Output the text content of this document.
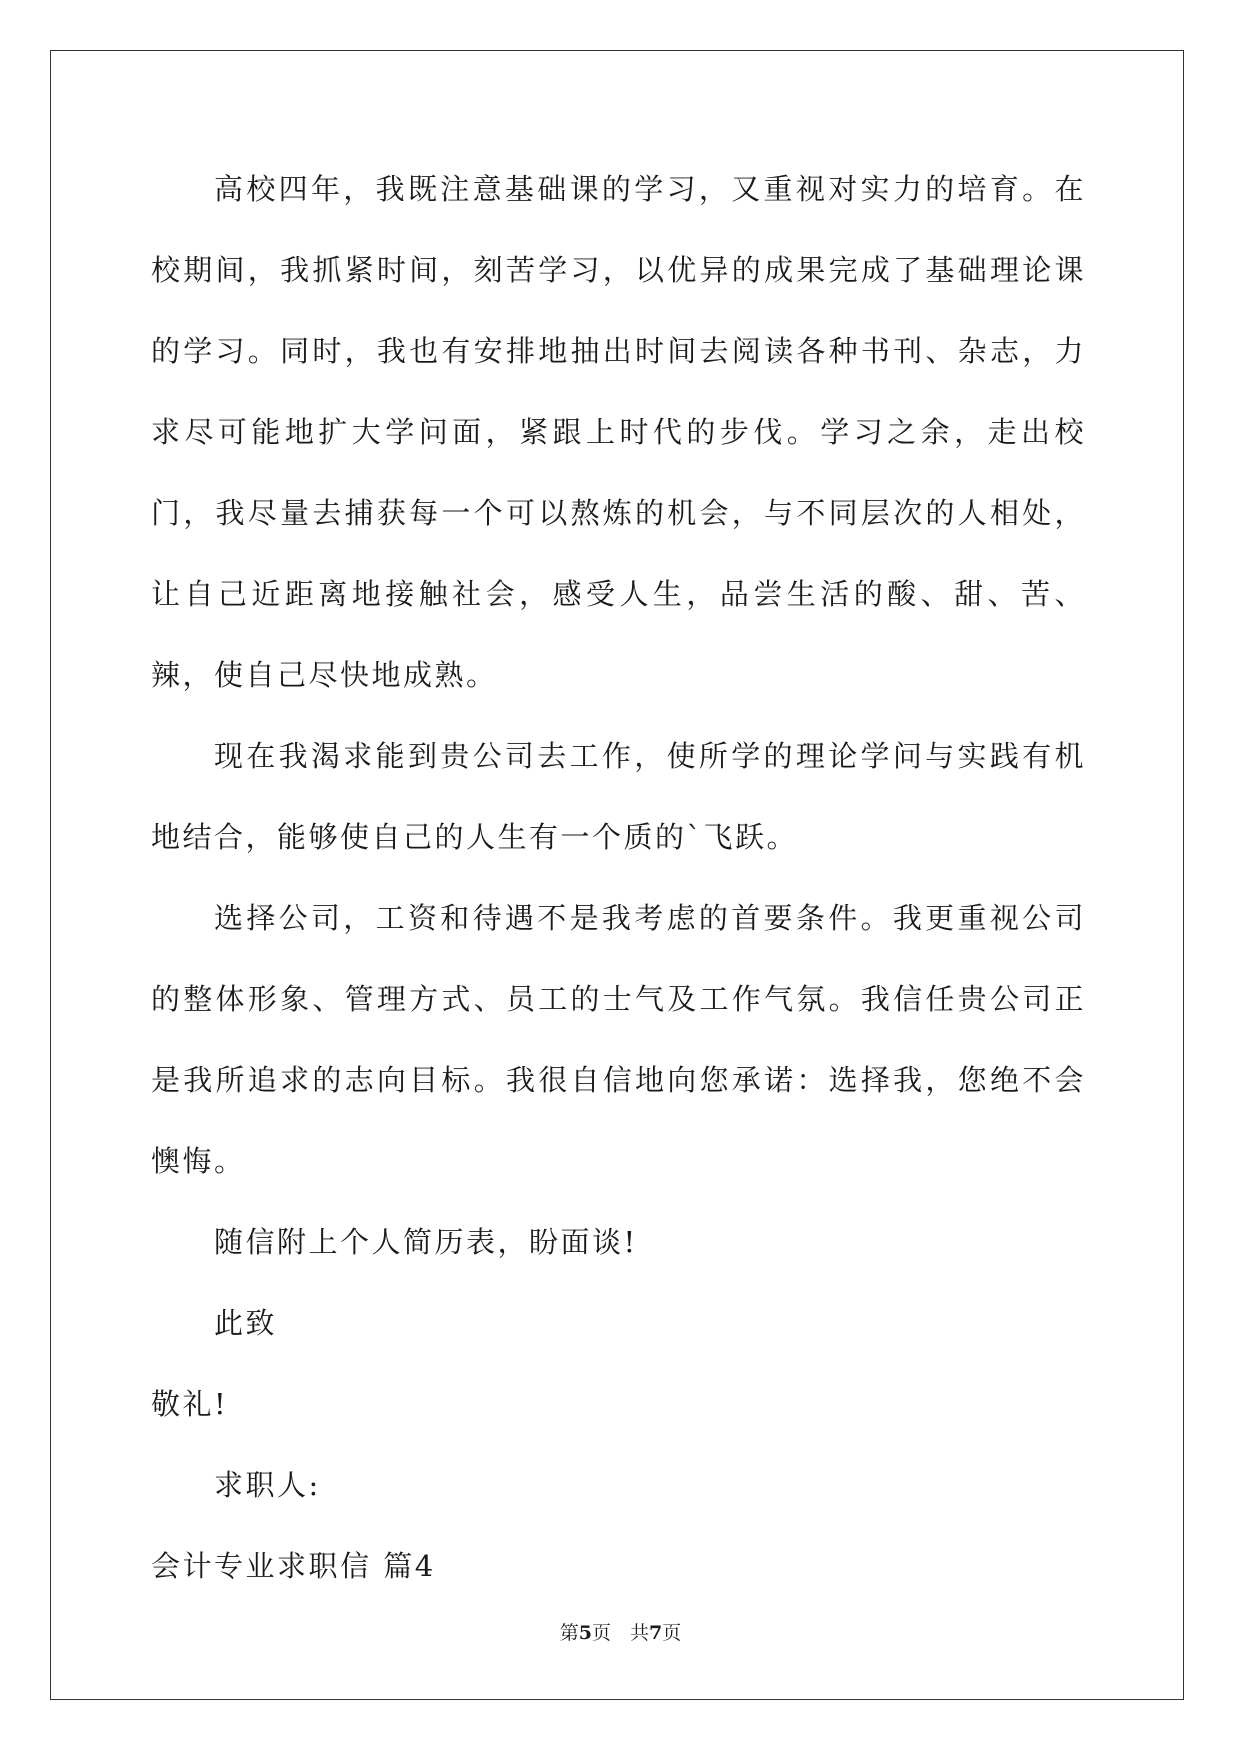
高校四年，我既注意基础课的学习，又重视对实力的培育。在校期间，我抓紧时间，刻苦学习，以优异的成果完成了基础理论课的学习。同时，我也有安排地抽出时间去阅读各种书刊、杂志，力求尽可能地扩大学问面，紧跟上时代的步伐。学习之余，走出校门，我尽量去捕获每一个可以熬炼的机会，与不同层次的人相处，让自己近距离地接触社会，感受人生，品尝生活的酸、甜、苦、辣，使自己尽快地成熟。

现在我渴求能到贵公司去工作，使所学的理论学问与实践有机地结合，能够使自己的人生有一个质的`飞跃。

选择公司，工资和待遇不是我考虑的首要条件。我更重视公司的整体形象、管理方式、员工的士气及工作气氛。我信任贵公司正是我所追求的志向目标。我很自信地向您承诺：选择我，您绝不会懊悔。

随信附上个人简历表，盼面谈!

此致

敬礼!

求职人:

会计专业求职信 篇4

第5页　共7页
